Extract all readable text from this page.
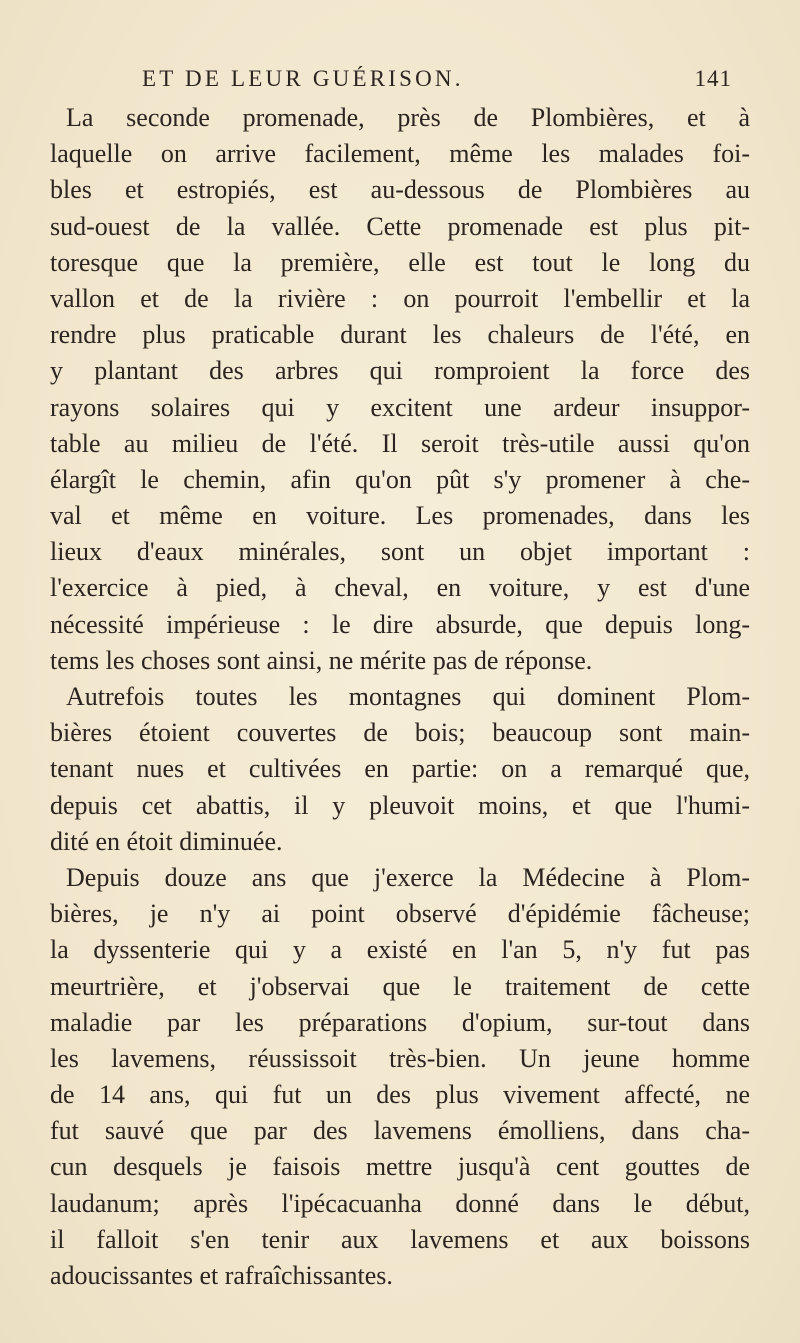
ET DE LEUR GUÉRISON.	141
La seconde promenade, près de Plombières, et à
laquelle on arrive facilement, même les malades foi-
bles et estropiés, est au-dessous de Plombières au
sud-ouest de la vallée. Cette promenade est plus pit-
toresque que la première, elle est tout le long du
vallon et de la rivière : on pourroit l'embellir et la
rendre plus praticable durant les chaleurs de l'été, en
y plantant des arbres qui romproient la force des
rayons solaires qui y excitent une ardeur insuppor-
table au milieu de l'été. Il seroit très-utile aussi qu'on
élargît le chemin, afin qu'on pût s'y promener à che-
val et même en voiture. Les promenades, dans les
lieux d'eaux minérales, sont un objet important :
l'exercice à pied, à cheval, en voiture, y est d'une
nécessité impérieuse : le dire absurde, que depuis long-
tems les choses sont ainsi, ne mérite pas de réponse.
Autrefois toutes les montagnes qui dominent Plom-
bières étoient couvertes de bois; beaucoup sont main-
tenant nues et cultivées en partie: on a remarqué que,
depuis cet abattis, il y pleuvoit moins, et que l'humi-
dité en étoit diminuée.
Depuis douze ans que j'exerce la Médecine à Plom-
bières, je n'y ai point observé d'épidémie fâcheuse;
la dyssenterie qui y a existé en l'an 5, n'y fut pas
meurtrière, et j'observai que le traitement de cette
maladie par les préparations d'opium, sur-tout dans
les lavemens, réussissoit très-bien. Un jeune homme
de 14 ans, qui fut un des plus vivement affecté, ne
fut sauvé que par des lavemens émolliens, dans cha-
cun desquels je faisois mettre jusqu'à cent gouttes de
laudanum; après l'ipécacuanha donné dans le début,
il falloit s'en tenir aux lavemens et aux boissons
adoucissantes et rafraîchissantes.
